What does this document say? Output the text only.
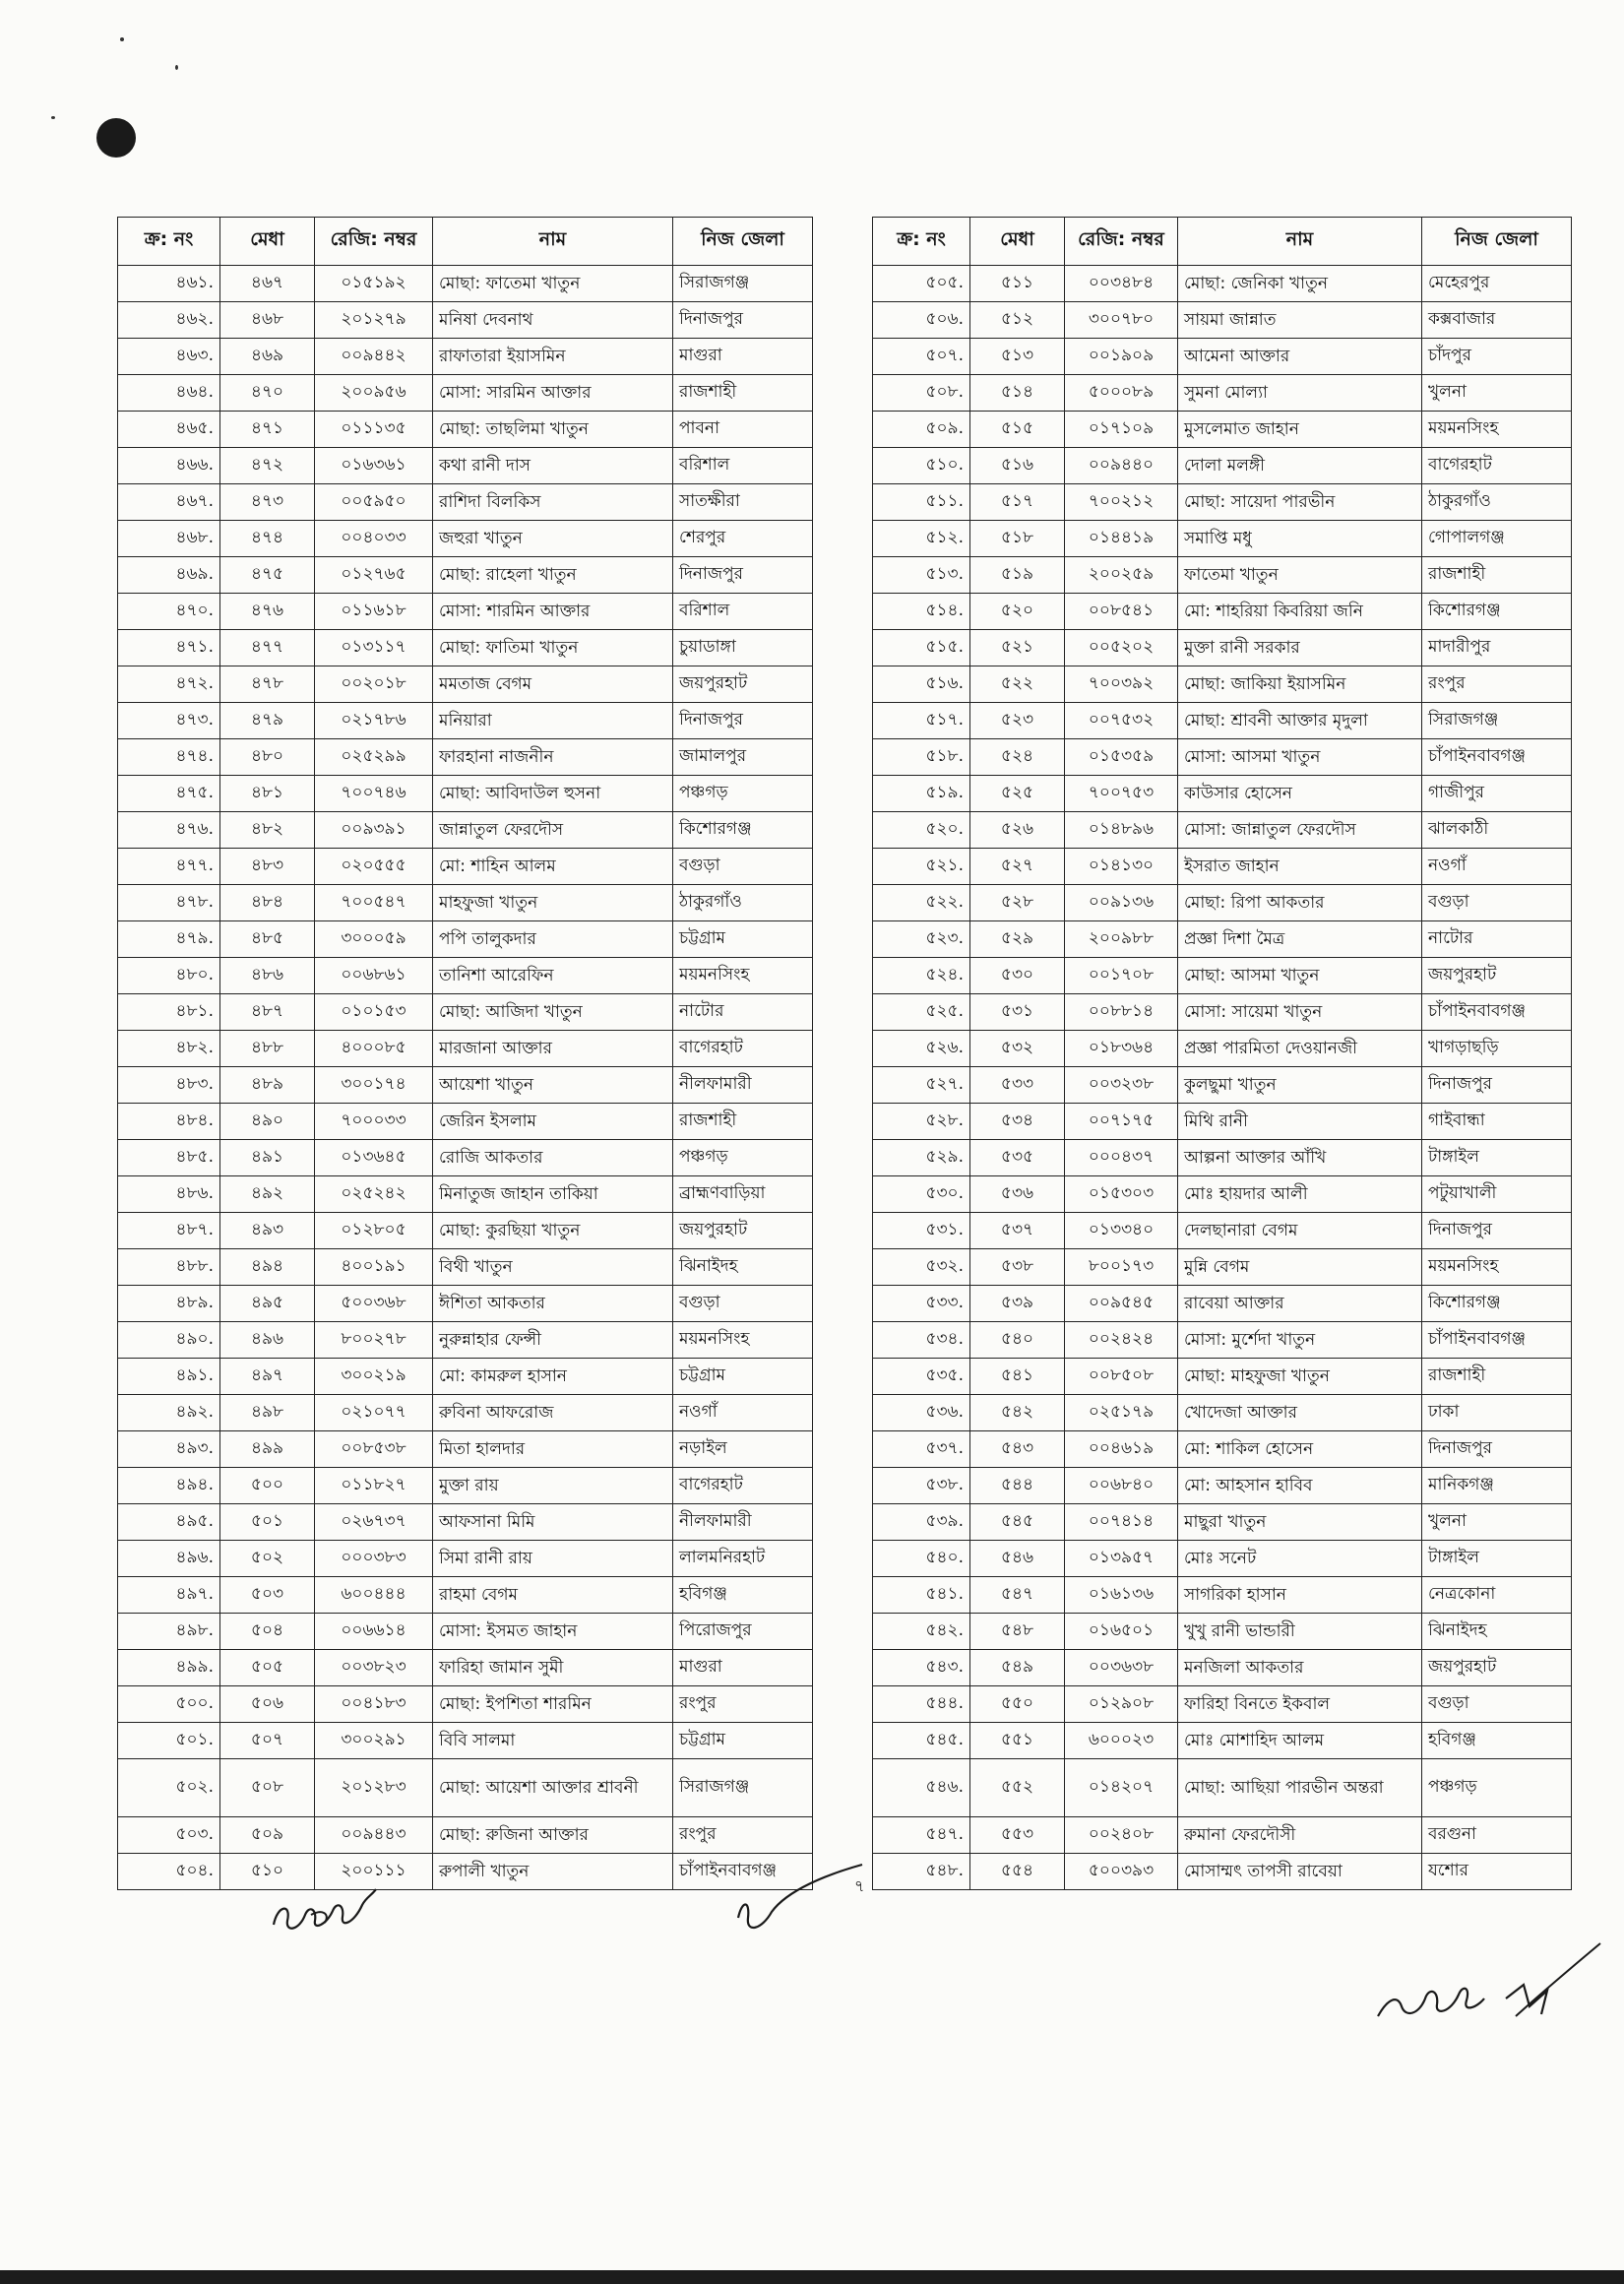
ক্র: নং	মেধা	রেজি: নম্বর	নাম	নিজ জেলা
৪৬১.	৪৬৭	০১৫১৯২	মোছা: ফাতেমা খাতুন	সিরাজগঞ্জ
৪৬২.	৪৬৮	২০১২৭৯	মনিষা দেবনাথ	দিনাজপুর
৪৬৩.	৪৬৯	০০৯৪৪২	রাফাতারা ইয়াসমিন	মাগুরা
৪৬৪.	৪৭০	২০০৯৫৬	মোসা: সারমিন আক্তার	রাজশাহী
৪৬৫.	৪৭১	০১১১৩৫	মোছা: তাছলিমা খাতুন	পাবনা
৪৬৬.	৪৭২	০১৬৩৬১	কথা রানী দাস	বরিশাল
৪৬৭.	৪৭৩	০০৫৯৫০	রাশিদা বিলকিস	সাতক্ষীরা
৪৬৮.	৪৭৪	০০৪০৩৩	জহুরা খাতুন	শেরপুর
৪৬৯.	৪৭৫	০১২৭৬৫	মোছা: রাহেলা খাতুন	দিনাজপুর
৪৭০.	৪৭৬	০১১৬১৮	মোসা: শারমিন আক্তার	বরিশাল
৪৭১.	৪৭৭	০১৩১১৭	মোছা: ফাতিমা খাতুন	চুয়াডাঙ্গা
৪৭২.	৪৭৮	০০২০১৮	মমতাজ বেগম	জয়পুরহাট
৪৭৩.	৪৭৯	০২১৭৮৬	মনিয়ারা	দিনাজপুর
৪৭৪.	৪৮০	০২৫২৯৯	ফারহানা নাজনীন	জামালপুর
৪৭৫.	৪৮১	৭০০৭৪৬	মোছা: আবিদাউল হুসনা	পঞ্চগড়
৪৭৬.	৪৮২	০০৯৩৯১	জান্নাতুল ফেরদৌস	কিশোরগঞ্জ
৪৭৭.	৪৮৩	০২০৫৫৫	মো: শাহিন আলম	বগুড়া
৪৭৮.	৪৮৪	৭০০৫৪৭	মাহফুজা খাতুন	ঠাকুরগাঁও
৪৭৯.	৪৮৫	৩০০০৫৯	পপি তালুকদার	চট্টগ্রাম
৪৮০.	৪৮৬	০০৬৮৬১	তানিশা আরেফিন	ময়মনসিংহ
৪৮১.	৪৮৭	০১০১৫৩	মোছা: আজিদা খাতুন	নাটোর
৪৮২.	৪৮৮	৪০০০৮৫	মারজানা আক্তার	বাগেরহাট
৪৮৩.	৪৮৯	৩০০১৭৪	আয়েশা খাতুন	নীলফামারী
৪৮৪.	৪৯০	৭০০০৩৩	জেরিন ইসলাম	রাজশাহী
৪৮৫.	৪৯১	০১৩৬৪৫	রোজি আকতার	পঞ্চগড়
৪৮৬.	৪৯২	০২৫২৪২	মিনাতুজ জাহান তাকিয়া	ব্রাহ্মণবাড়িয়া
৪৮৭.	৪৯৩	০১২৮০৫	মোছা: কুরছিয়া খাতুন	জয়পুরহাট
৪৮৮.	৪৯৪	৪০০১৯১	বিথী খাতুন	ঝিনাইদহ
৪৮৯.	৪৯৫	৫০০৩৬৮	ঈশিতা আকতার	বগুড়া
৪৯০.	৪৯৬	৮০০২৭৮	নুরুন্নাহার ফেন্সী	ময়মনসিংহ
৪৯১.	৪৯৭	৩০০২১৯	মো: কামরুল হাসান	চট্টগ্রাম
৪৯২.	৪৯৮	০২১০৭৭	রুবিনা আফরোজ	নওগাঁ
৪৯৩.	৪৯৯	০০৮৫৩৮	মিতা হালদার	নড়াইল
৪৯৪.	৫০০	০১১৮২৭	মুক্তা রায়	বাগেরহাট
৪৯৫.	৫০১	০২৬৭৩৭	আফসানা মিমি	নীলফামারী
৪৯৬.	৫০২	০০০৩৮৩	সিমা রানী রায়	লালমনিরহাট
৪৯৭.	৫০৩	৬০০৪৪৪	রাহমা বেগম	হবিগঞ্জ
৪৯৮.	৫০৪	০০৬৬১৪	মোসা: ইসমত জাহান	পিরোজপুর
৪৯৯.	৫০৫	০০৩৮২৩	ফারিহা জামান সুমী	মাগুরা
৫০০.	৫০৬	০০৪১৮৩	মোছা: ইপশিতা শারমিন	রংপুর
৫০১.	৫০৭	৩০০২৯১	বিবি সালমা	চট্টগ্রাম
৫০২.	৫০৮	২০১২৮৩	মোছা: আয়েশা আক্তার শ্রাবনী	সিরাজগঞ্জ
৫০৩.	৫০৯	০০৯৪৪৩	মোছা: রুজিনা আক্তার	রংপুর
৫০৪.	৫১০	২০০১১১	রুপালী খাতুন	চাঁপাইনবাবগঞ্জ
ক্র: নং	মেধা	রেজি: নম্বর	নাম	নিজ জেলা
৫০৫.	৫১১	০০৩৪৮৪	মোছা: জেনিকা খাতুন	মেহেরপুর
৫০৬.	৫১২	৩০০৭৮০	সায়মা জান্নাত	কক্সবাজার
৫০৭.	৫১৩	০০১৯০৯	আমেনা আক্তার	চাঁদপুর
৫০৮.	৫১৪	৫০০০৮৯	সুমনা মোল্যা	খুলনা
৫০৯.	৫১৫	০১৭১০৯	মুসলেমাত জাহান	ময়মনসিংহ
৫১০.	৫১৬	০০৯৪৪০	দোলা মলঙ্গী	বাগেরহাট
৫১১.	৫১৭	৭০০২১২	মোছা: সায়েদা পারভীন	ঠাকুরগাঁও
৫১২.	৫১৮	০১৪৪১৯	সমাপ্তি মধু	গোপালগঞ্জ
৫১৩.	৫১৯	২০০২৫৯	ফাতেমা খাতুন	রাজশাহী
৫১৪.	৫২০	০০৮৫৪১	মো: শাহরিয়া কিবরিয়া জনি	কিশোরগঞ্জ
৫১৫.	৫২১	০০৫২০২	মুক্তা রানী সরকার	মাদারীপুর
৫১৬.	৫২২	৭০০৩৯২	মোছা: জাকিয়া ইয়াসমিন	রংপুর
৫১৭.	৫২৩	০০৭৫৩২	মোছা: শ্রাবনী আক্তার মৃদুলা	সিরাজগঞ্জ
৫১৮.	৫২৪	০১৫৩৫৯	মোসা: আসমা খাতুন	চাঁপাইনবাবগঞ্জ
৫১৯.	৫২৫	৭০০৭৫৩	কাউসার হোসেন	গাজীপুর
৫২০.	৫২৬	০১৪৮৯৬	মোসা: জান্নাতুল ফেরদৌস	ঝালকাঠী
৫২১.	৫২৭	০১৪১৩০	ইসরাত জাহান	নওগাঁ
৫২২.	৫২৮	০০৯১৩৬	মোছা: রিপা আকতার	বগুড়া
৫২৩.	৫২৯	২০০৯৮৮	প্রজ্ঞা দিশা মৈত্র	নাটোর
৫২৪.	৫৩০	০০১৭০৮	মোছা: আসমা খাতুন	জয়পুরহাট
৫২৫.	৫৩১	০০৮৮১৪	মোসা: সায়েমা খাতুন	চাঁপাইনবাবগঞ্জ
৫২৬.	৫৩২	০১৮৩৬৪	প্রজ্ঞা পারমিতা দেওয়ানজী	খাগড়াছড়ি
৫২৭.	৫৩৩	০০৩২৩৮	কুলছুমা খাতুন	দিনাজপুর
৫২৮.	৫৩৪	০০৭১৭৫	মিথি রানী	গাইবান্ধা
৫২৯.	৫৩৫	০০০৪৩৭	আল্পনা আক্তার আঁখি	টাঙ্গাইল
৫৩০.	৫৩৬	০১৫৩০৩	মোঃ হায়দার আলী	পটুয়াখালী
৫৩১.	৫৩৭	০১৩৩৪০	দেলছানারা বেগম	দিনাজপুর
৫৩২.	৫৩৮	৮০০১৭৩	মুন্নি বেগম	ময়মনসিংহ
৫৩৩.	৫৩৯	০০৯৫৪৫	রাবেয়া আক্তার	কিশোরগঞ্জ
৫৩৪.	৫৪০	০০২৪২৪	মোসা: মুর্শেদা খাতুন	চাঁপাইনবাবগঞ্জ
৫৩৫.	৫৪১	০০৮৫০৮	মোছা: মাহফুজা খাতুন	রাজশাহী
৫৩৬.	৫৪২	০২৫১৭৯	খোদেজা আক্তার	ঢাকা
৫৩৭.	৫৪৩	০০৪৬১৯	মো: শাকিল হোসেন	দিনাজপুর
৫৩৮.	৫৪৪	০০৬৮৪০	মো: আহসান হাবিব	মানিকগঞ্জ
৫৩৯.	৫৪৫	০০৭৪১৪	মাছুরা খাতুন	খুলনা
৫৪০.	৫৪৬	০১৩৯৫৭	মোঃ সনেট	টাঙ্গাইল
৫৪১.	৫৪৭	০১৬১৩৬	সাগরিকা হাসান	নেত্রকোনা
৫৪২.	৫৪৮	০১৬৫০১	খুখু রানী ভান্ডারী	ঝিনাইদহ
৫৪৩.	৫৪৯	০০৩৬৩৮	মনজিলা আকতার	জয়পুরহাট
৫৪৪.	৫৫০	০১২৯০৮	ফারিহা বিনতে ইকবাল	বগুড়া
৫৪৫.	৫৫১	৬০০০২৩	মোঃ মোশাহিদ আলম	হবিগঞ্জ
৫৪৬.	৫৫২	০১৪২০৭	মোছা: আছিয়া পারভীন অন্তরা	পঞ্চগড়
৫৪৭.	৫৫৩	০০২৪০৮	রুমানা ফেরদৌসী	বরগুনা
৫৪৮.	৫৫৪	৫০০৩৯৩	মোসাম্মৎ তাপসী রাবেয়া	যশোর
৭
